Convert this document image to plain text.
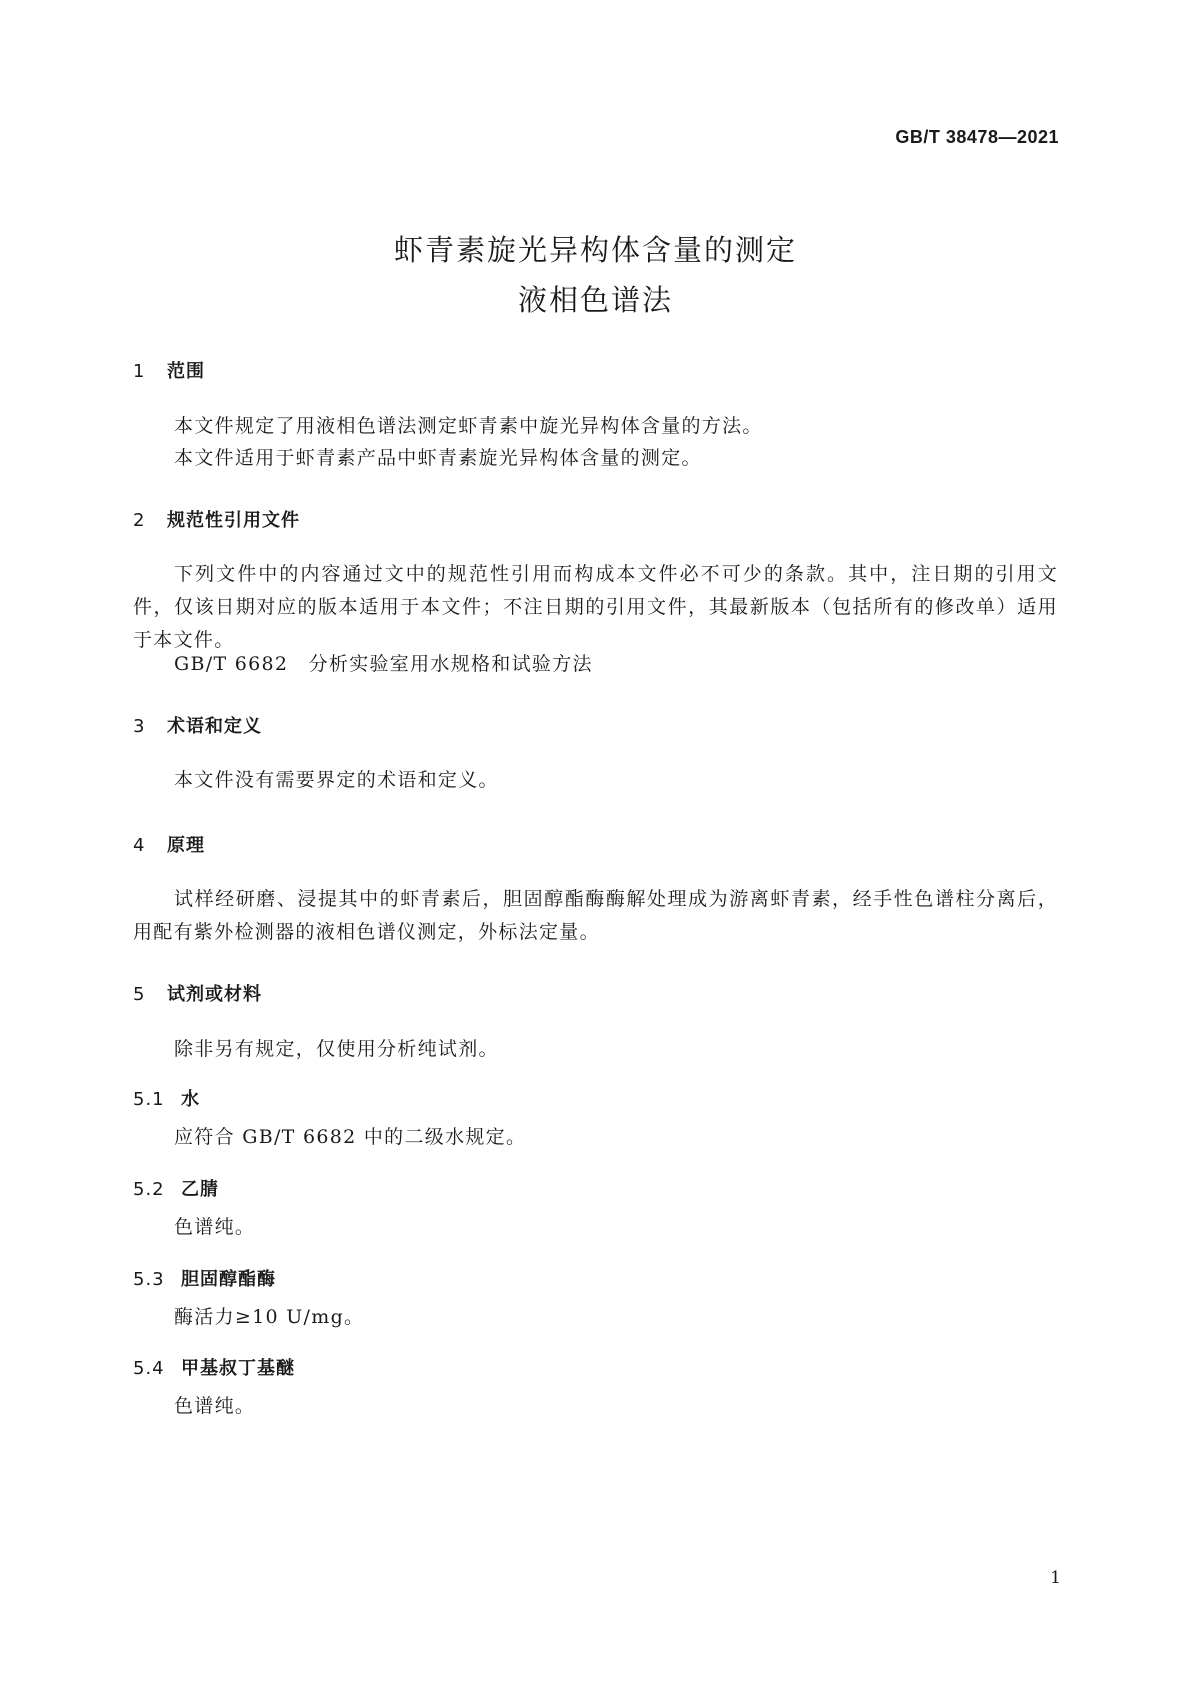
GB/T 38478—2021
虾青素旋光异构体含量的测定
液相色谱法
1	范围

本文件规定了用液相色谱法测定虾青素中旋光异构体含量的方法。

本文件适用于虾青素产品中虾青素旋光异构体含量的测定。

2	规范性引用文件

下列文件中的内容通过文中的规范性引用而构成本文件必不可少的条款。其中，注日期的引用文件，仅该日期对应的版本适用于本文件；不注日期的引用文件，其最新版本（包括所有的修改单）适用于本文件。

GB/T 6682　分析实验室用水规格和试验方法

3	术语和定义

本文件没有需要界定的术语和定义。

4	原理

试样经研磨、浸提其中的虾青素后，胆固醇酯酶酶解处理成为游离虾青素，经手性色谱柱分离后，用配有紫外检测器的液相色谱仪测定，外标法定量。

5	试剂或材料

除非另有规定，仅使用分析纯试剂。

5.1 水

应符合 GB/T 6682 中的二级水规定。

5.2 乙腈

色谱纯。

5.3 胆固醇酯酶

酶活力≥10 U/mg。

5.4 甲基叔丁基醚

色谱纯。

1
